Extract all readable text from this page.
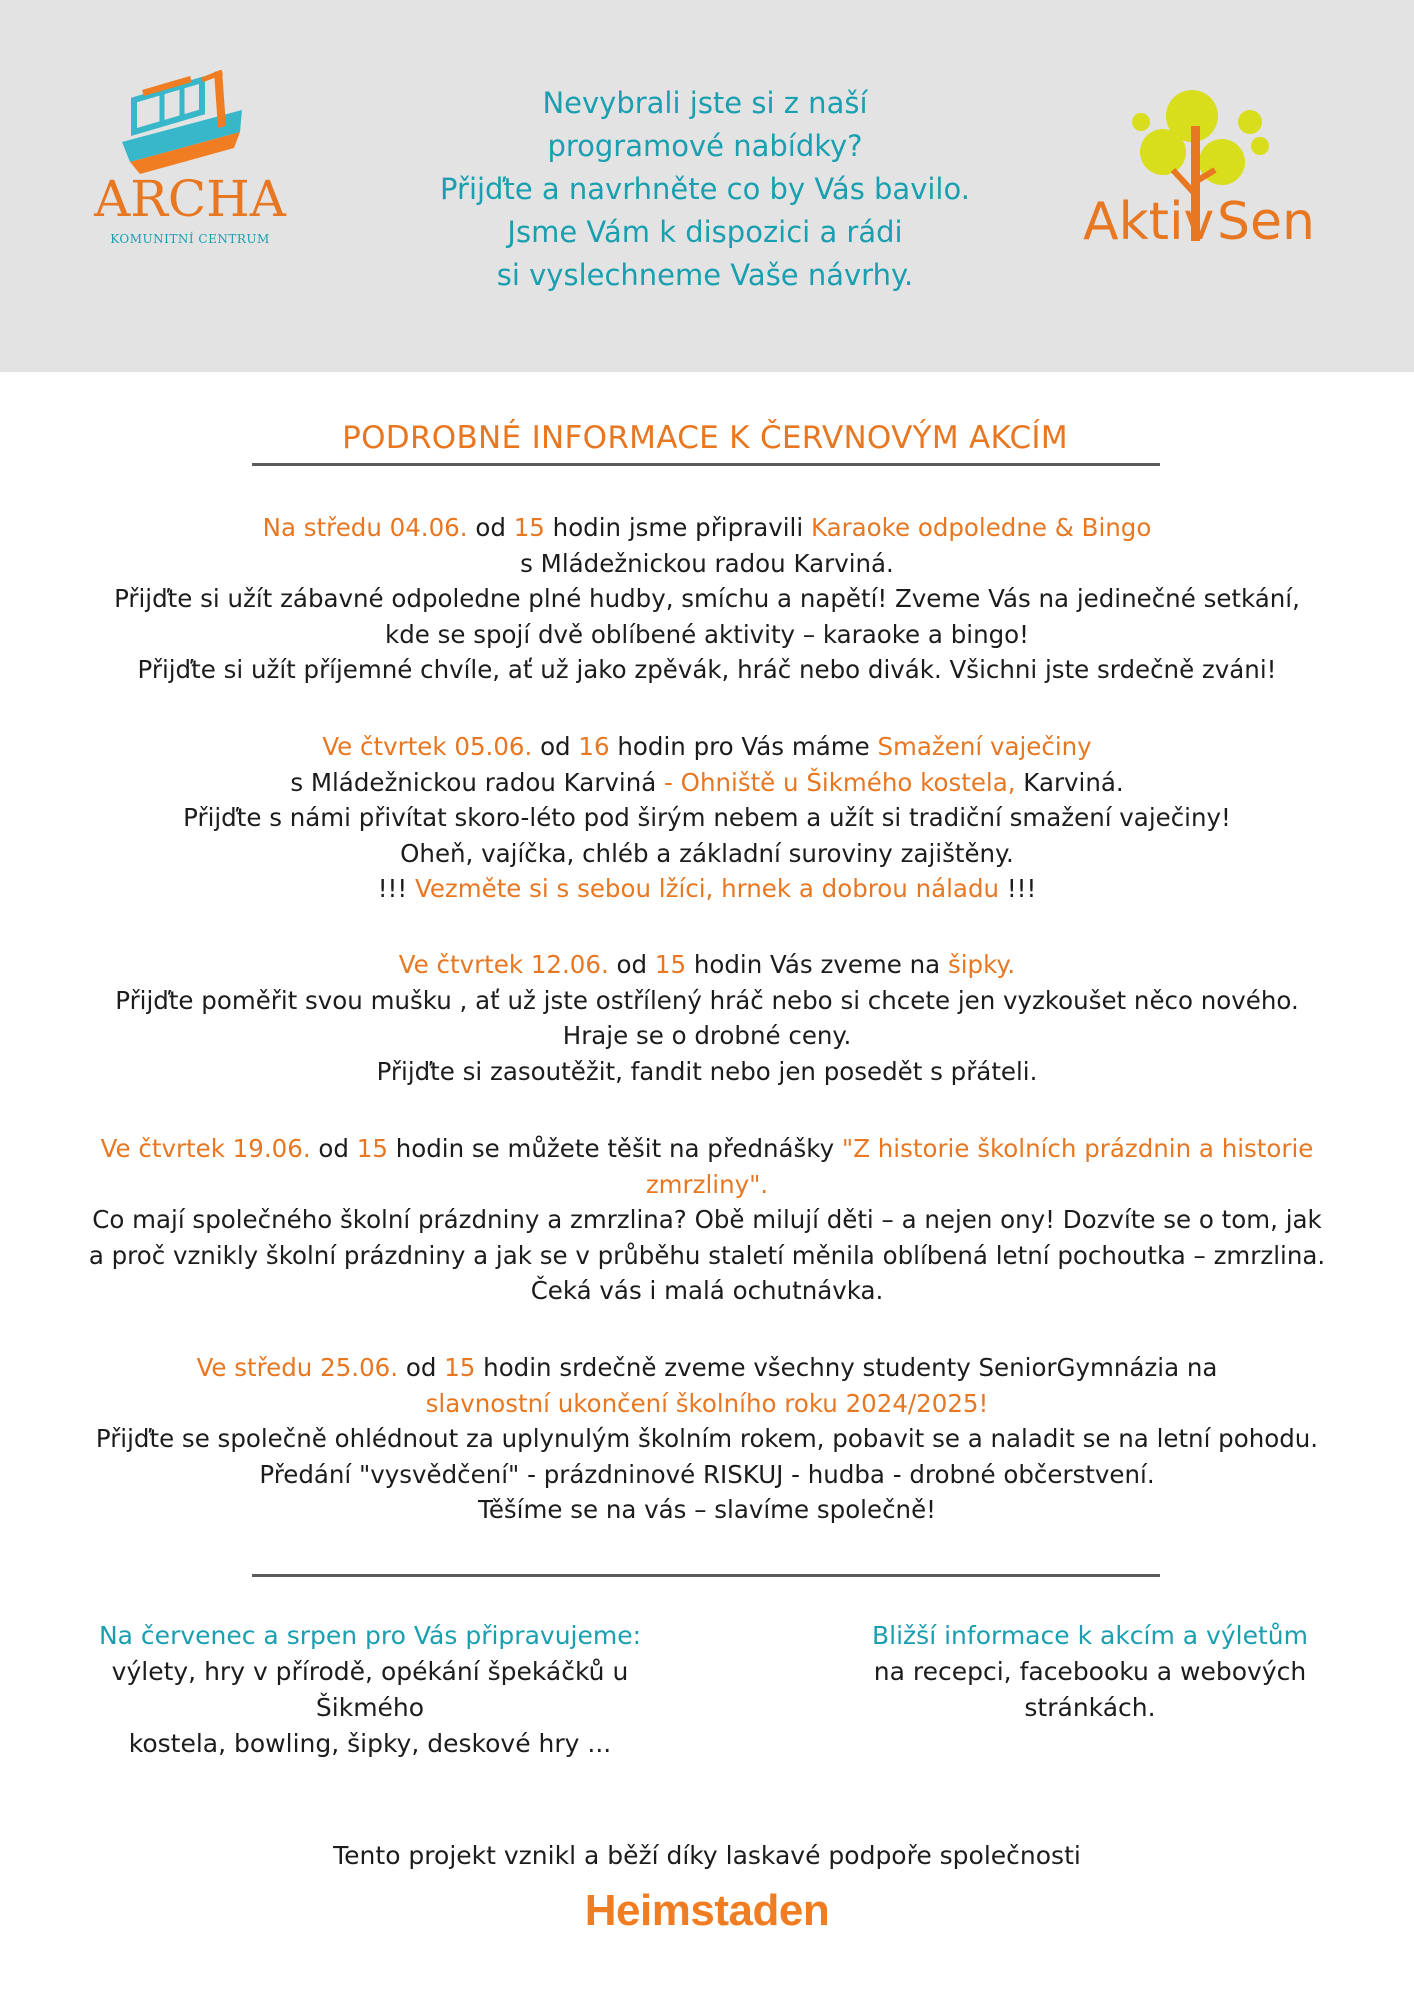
ARCHA
KOMUNITNÍ CENTRUM
Nevybrali jste si z naší
programové nabídky?
Přijďte a navrhněte co by Vás bavilo.
Jsme Vám k dispozici a rádi
si vyslechneme Vaše návrhy.
Aktiv Sen
PODROBNÉ INFORMACE K ČERVNOVÝM AKCÍM
Na středu 04.06. od 15 hodin jsme připravili Karaoke odpoledne & Bingo
s Mládežnickou radou Karviná.
Přijďte si užít zábavné odpoledne plné hudby, smíchu a napětí! Zveme Vás na jedinečné setkání,
kde se spojí dvě oblíbené aktivity – karaoke a bingo!
Přijďte si užít příjemné chvíle, ať už jako zpěvák, hráč nebo divák. Všichni jste srdečně zváni!
Ve čtvrtek 05.06. od 16 hodin pro Vás máme Smažení vaječiny
s Mládežnickou radou Karviná - Ohniště u Šikmého kostela, Karviná.
Přijďte s námi přivítat skoro-léto pod širým nebem a užít si tradiční smažení vaječiny!
Oheň, vajíčka, chléb a základní suroviny zajištěny.
!!! Vezměte si s sebou lžíci, hrnek a dobrou náladu !!!
Ve čtvrtek 12.06. od 15 hodin Vás zveme na šipky.
Přijďte poměřit svou mušku , ať už jste ostřílený hráč nebo si chcete jen vyzkoušet něco nového.
Hraje se o drobné ceny.
Přijďte si zasoutěžit, fandit nebo jen posedět s přáteli.
Ve čtvrtek 19.06. od 15 hodin se můžete těšit na přednášky "Z historie školních prázdnin a historie
zmrzliny".
Co mají společného školní prázdniny a zmrzlina? Obě milují děti – a nejen ony! Dozvíte se o tom, jak
a proč vznikly školní prázdniny a jak se v průběhu staletí měnila oblíbená letní pochoutka – zmrzlina.
Čeká vás i malá ochutnávka.
Ve středu 25.06. od 15 hodin srdečně zveme všechny studenty SeniorGymnázia na
slavnostní ukončení školního roku 2024/2025!
Přijďte se společně ohlédnout za uplynulým školním rokem, pobavit se a naladit se na letní pohodu.
Předání "vysvědčení" - prázdninové RISKUJ - hudba - drobné občerstvení.
Těšíme se na vás – slavíme společně!
Na červenec a srpen pro Vás připravujeme:
výlety, hry v přírodě, opékání špekáčků u Šikmého
kostela, bowling, šipky, deskové hry ...
Bližší informace k akcím a výletům
na recepci, facebooku a webových
stránkách.
Tento projekt vznikl a běží díky laskavé podpoře společnosti
Heimstaden
